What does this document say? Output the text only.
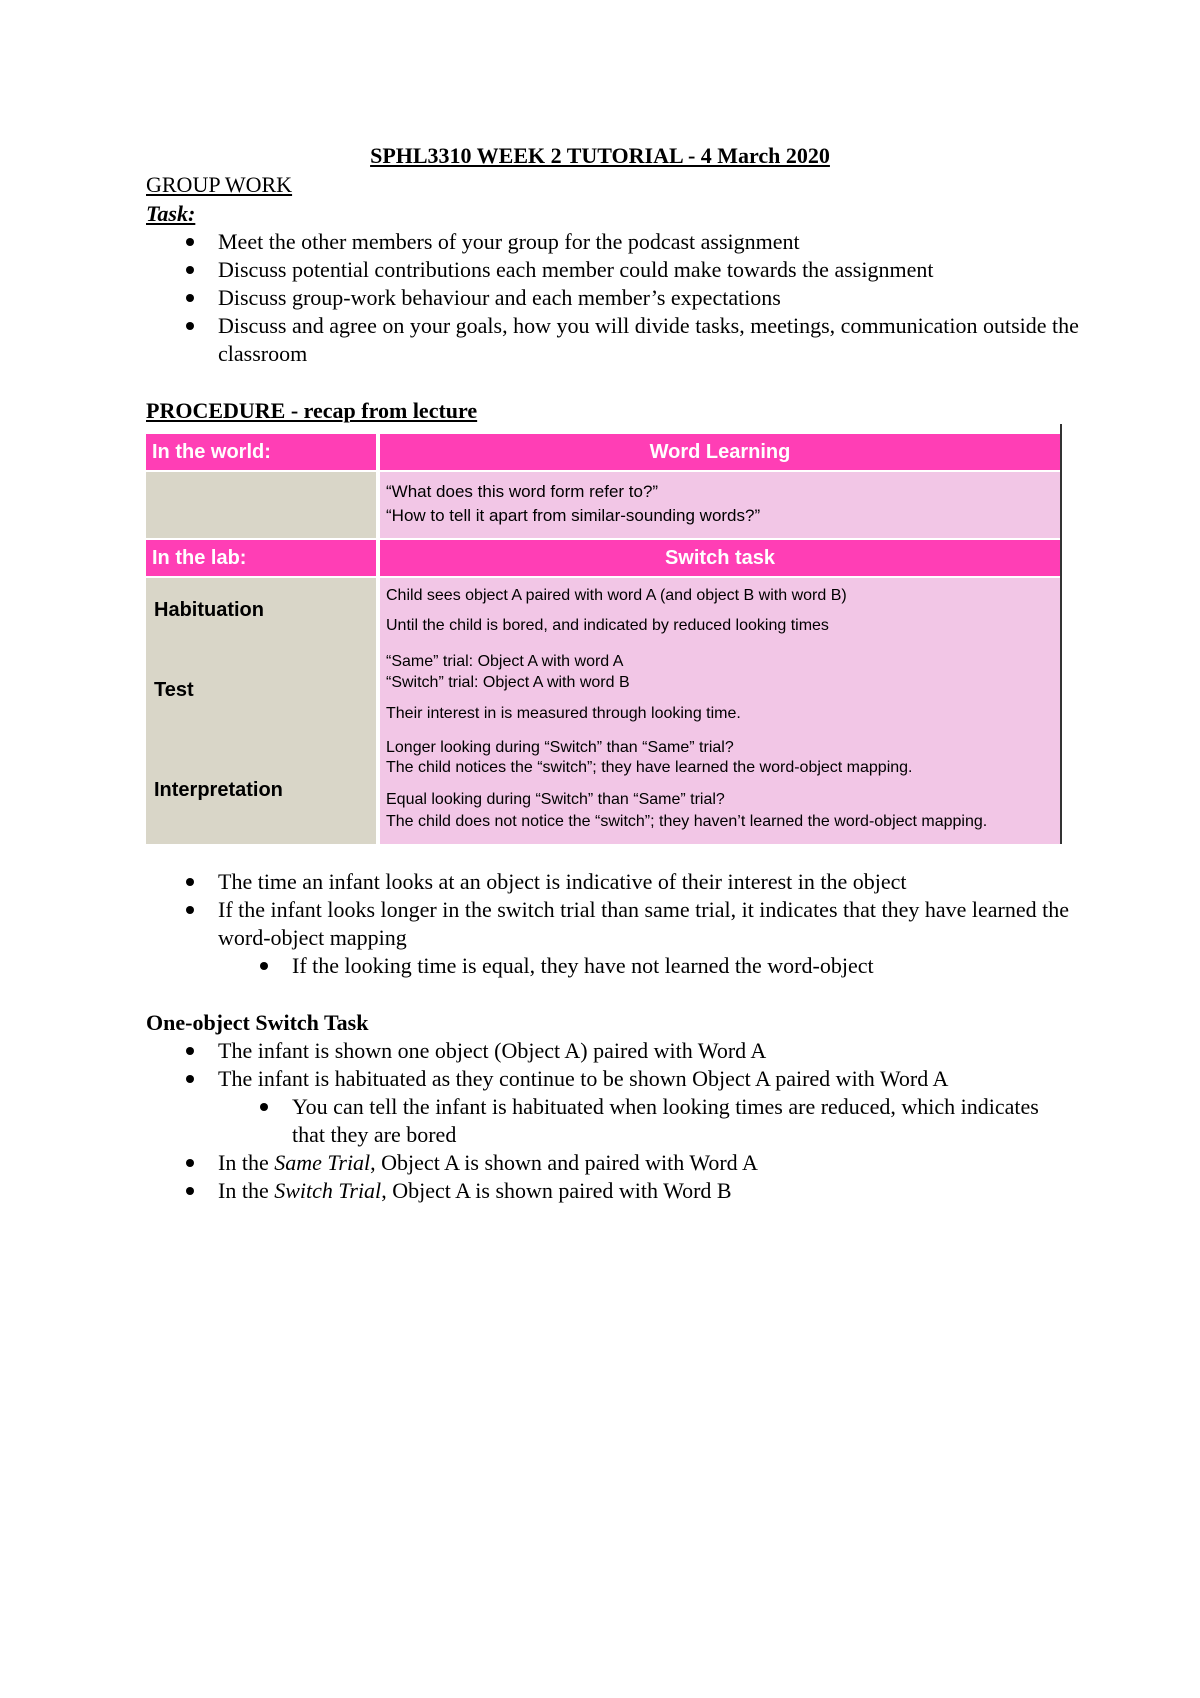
SPHL3310 WEEK 2 TUTORIAL - 4 March 2020
GROUP WORK
Task:
Meet the other members of your group for the podcast assignment
Discuss potential contributions each member could make towards the assignment
Discuss group-work behaviour and each member’s expectations
Discuss and agree on your goals, how you will divide tasks, meetings, communication outside the classroom
PROCEDURE - recap from lecture
In the world:	Word Learning
“What does this word form refer to?”
“How to tell it apart from similar-sounding words?”
In the lab:	Switch task
Habituation
Test
Interpretation
Child sees object A paired with word A (and object B with word B)
Until the child is bored, and indicated by reduced looking times
“Same” trial: Object A with word A
“Switch” trial: Object A with word B
Their interest in is measured through looking time.
Longer looking during “Switch” than “Same” trial?
The child notices the “switch”; they have learned the word-object mapping.
Equal looking during “Switch” than “Same” trial?
The child does not notice the “switch”; they haven’t learned the word-object mapping.
The time an infant looks at an object is indicative of their interest in the object
If the infant looks longer in the switch trial than same trial, it indicates that they have learned the word-object mapping
If the looking time is equal, they have not learned the word-object
One-object Switch Task
The infant is shown one object (Object A) paired with Word A
The infant is habituated as they continue to be shown Object A paired with Word A
You can tell the infant is habituated when looking times are reduced, which indicates that they are bored
In the Same Trial, Object A is shown and paired with Word A
In the Switch Trial, Object A is shown paired with Word B
